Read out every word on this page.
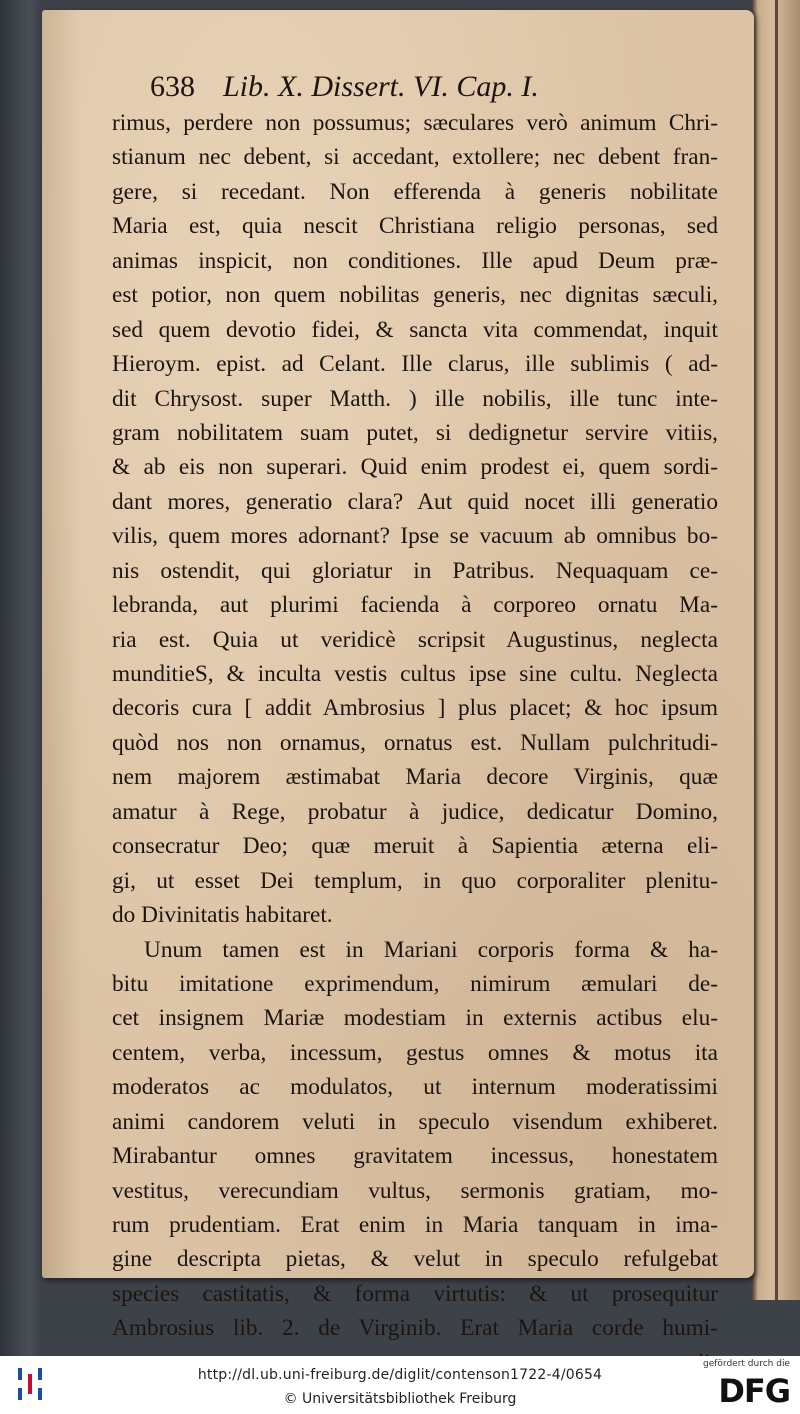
638 Lib. X. Dissert. VI. Cap. I.
rimus, perdere non possumus; sæculares verò animum Chri-
stianum nec debent, si accedant, extollere; nec debent fran-
gere, si recedant. Non efferenda à generis nobilitate
Maria est, quia nescit Christiana religio personas, sed
animas inspicit, non conditiones. Ille apud Deum præ-
est potior, non quem nobilitas generis, nec dignitas sæculi,
sed quem devotio fidei, & sancta vita commendat, inquit
Hieroym. epist. ad Celant. Ille clarus, ille sublimis ( ad-
dit Chrysost. super Matth. ) ille nobilis, ille tunc inte-
gram nobilitatem suam putet, si dedignetur servire vitiis,
& ab eis non superari. Quid enim prodest ei, quem sordi-
dant mores, generatio clara? Aut quid nocet illi generatio
vilis, quem mores adornant? Ipse se vacuum ab omnibus bo-
nis ostendit, qui gloriatur in Patribus. Nequaquam ce-
lebranda, aut plurimi facienda à corporeo ornatu Ma-
ria est. Quia ut veridicè scripsit Augustinus, neglecta
munditieS, & inculta vestis cultus ipse sine cultu. Neglecta
decoris cura [ addit Ambrosius ] plus placet; & hoc ipsum
quòd nos non ornamus, ornatus est. Nullam pulchritudi-
nem majorem æstimabat Maria decore Virginis, quæ
amatur à Rege, probatur à judice, dedicatur Domino,
consecratur Deo; quæ meruit à Sapientia æterna eli-
gi, ut esset Dei templum, in quo corporaliter plenitu-
do Divinitatis habitaret.
Unum tamen est in Mariani corporis forma & ha-
bitu imitatione exprimendum, nimirum æmulari de-
cet insignem Mariæ modestiam in externis actibus elu-
centem, verba, incessum, gestus omnes & motus ita
moderatos ac modulatos, ut internum moderatissimi
animi candorem veluti in speculo visendum exhiberet.
Mirabantur omnes gravitatem incessus, honestatem
vestitus, verecundiam vultus, sermonis gratiam, mo-
rum prudentiam. Erat enim in Maria tanquam in ima-
gine descripta pietas, & velut in speculo refulgebat
species castitatis, & forma virtutis: & ut prosequitur
Ambrosius lib. 2. de Virginib. Erat Maria corde humi-
http://dl.ub.uni-freiburg.de/diglit/contenson1722-4/0654
© Universitätsbibliothek Freiburg
gefördert durch die
DFG
